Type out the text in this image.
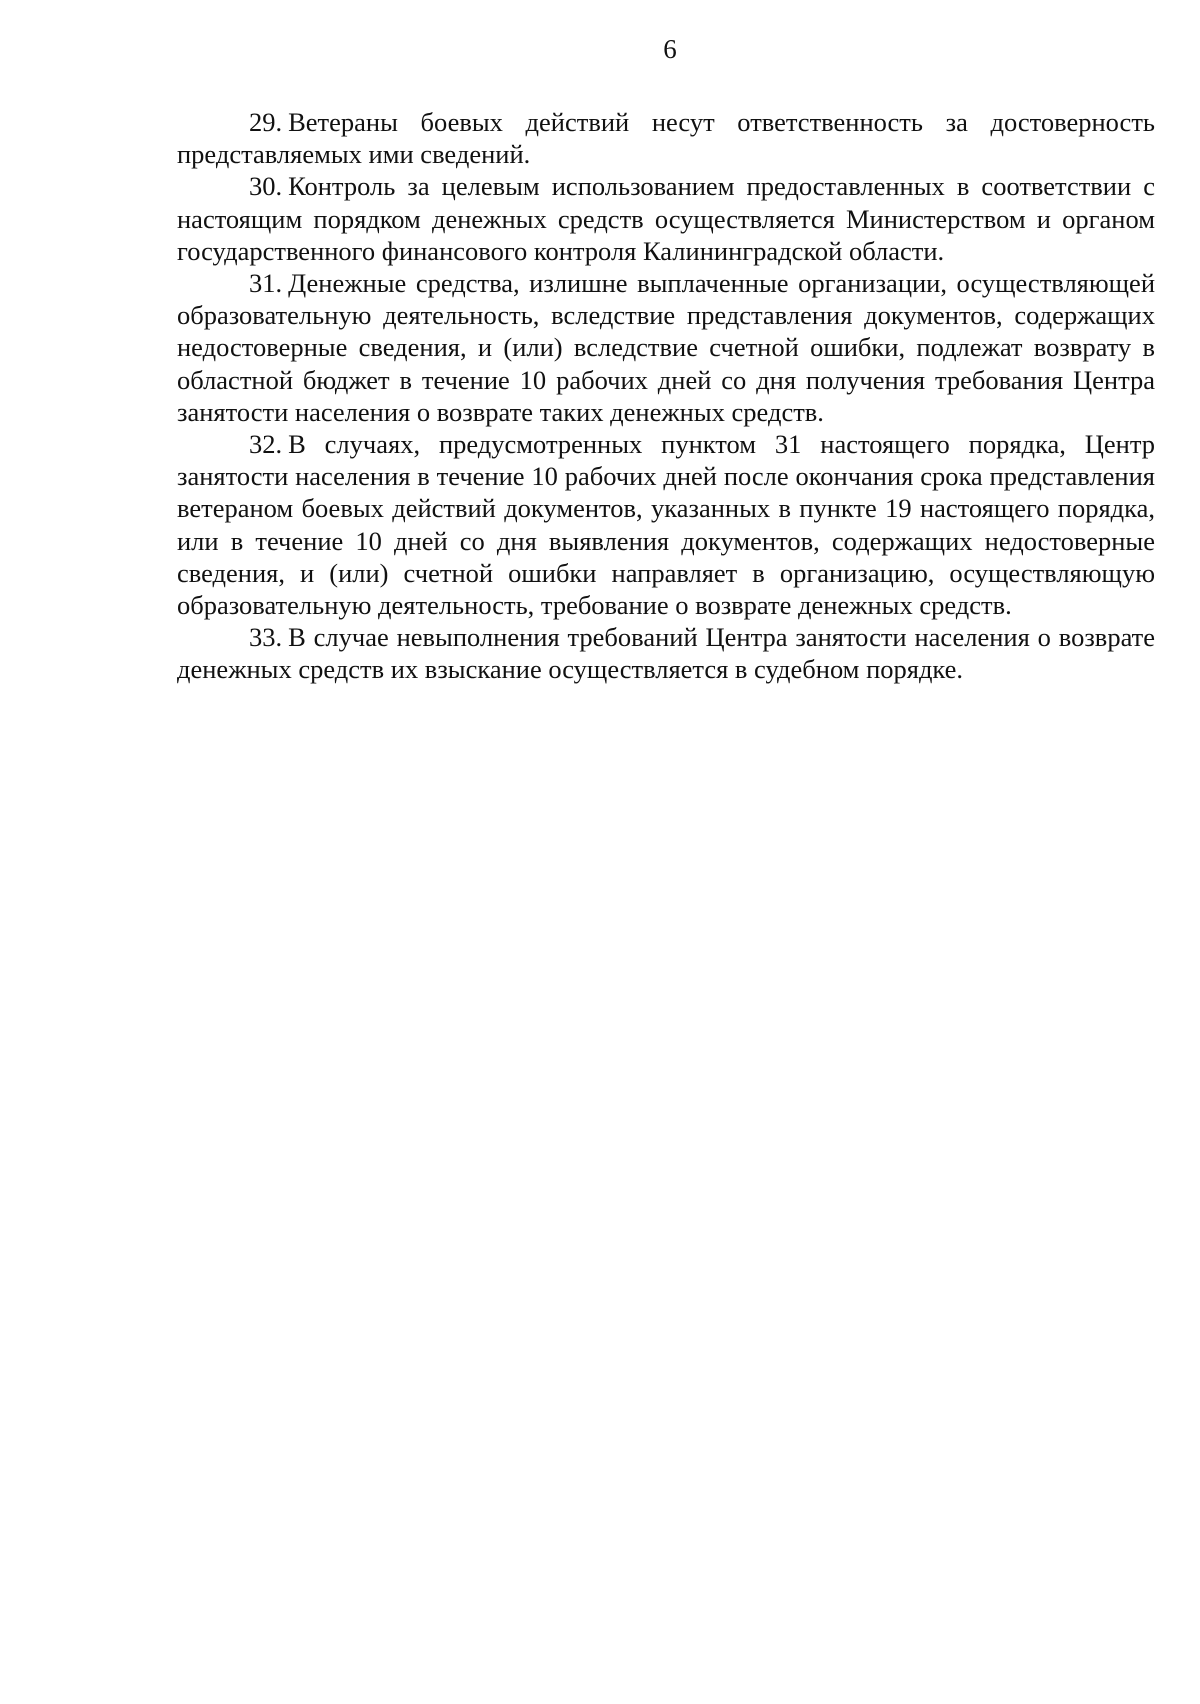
6

29. Ветераны боевых действий несут ответственность за достоверность представляемых ими сведений.

30. Контроль за целевым использованием предоставленных в соответствии с настоящим порядком денежных средств осуществляется Министерством и органом государственного финансового контроля Калининградской области.

31. Денежные средства, излишне выплаченные организации, осуществляющей образовательную деятельность, вследствие представления документов, содержащих недостоверные сведения, и (или) вследствие счетной ошибки, подлежат возврату в областной бюджет в течение 10 рабочих дней со дня получения требования Центра занятости населения о возврате таких денежных средств.

32. В случаях, предусмотренных пунктом 31 настоящего порядка, Центр занятости населения в течение 10 рабочих дней после окончания срока представления ветераном боевых действий документов, указанных в пункте 19 настоящего порядка, или в течение 10 дней со дня выявления документов, содержащих недостоверные сведения, и (или) счетной ошибки направляет в организацию, осуществляющую образовательную деятельность, требование о возврате денежных средств.

33. В случае невыполнения требований Центра занятости населения о возврате денежных средств их взыскание осуществляется в судебном порядке.
